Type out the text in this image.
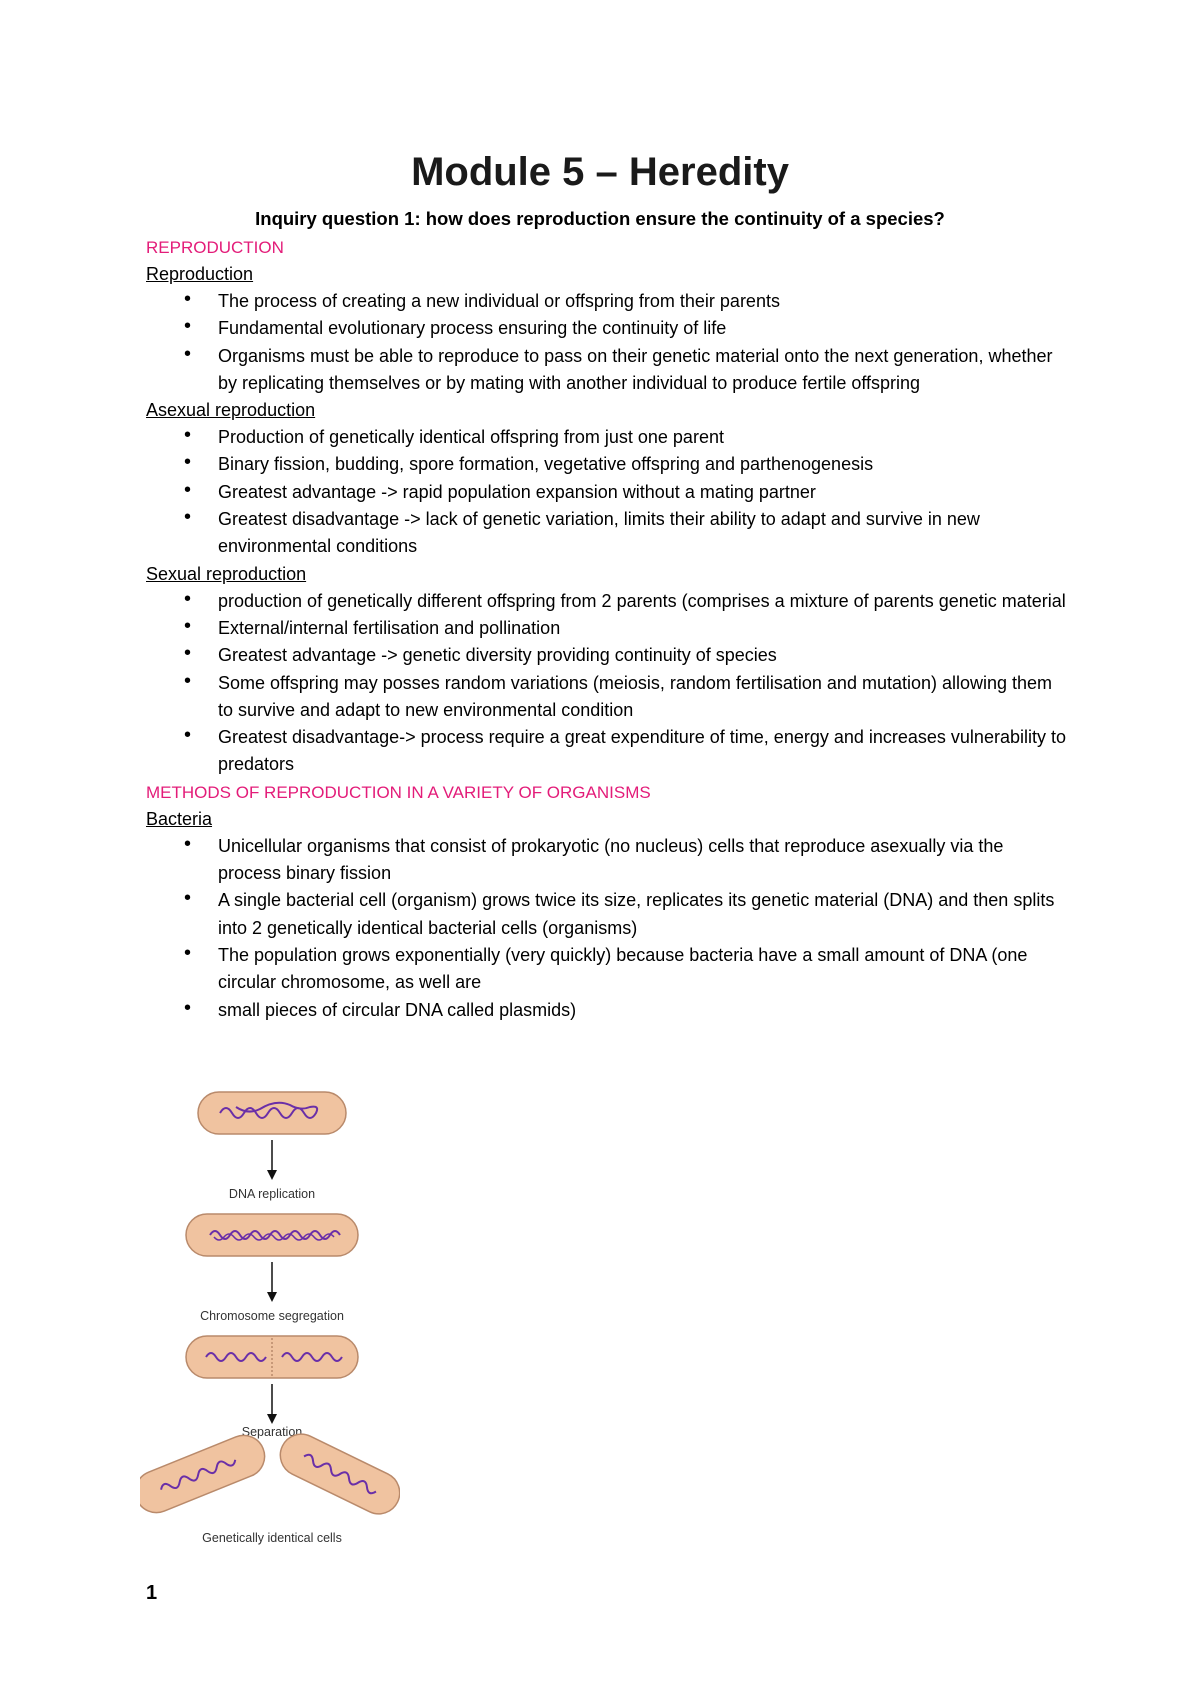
Module 5 – Heredity
Inquiry question 1: how does reproduction ensure the continuity of a species?
REPRODUCTION
Reproduction
• The process of creating a new individual or offspring from their parents
• Fundamental evolutionary process ensuring the continuity of life
• Organisms must be able to reproduce to pass on their genetic material onto the next generation, whether by replicating themselves or by mating with another individual to produce fertile offspring
Asexual reproduction
• Production of genetically identical offspring from just one parent
• Binary fission, budding, spore formation, vegetative offspring and parthenogenesis
• Greatest advantage -> rapid population expansion without a mating partner
• Greatest disadvantage -> lack of genetic variation, limits their ability to adapt and survive in new environmental conditions
Sexual reproduction
• production of genetically different offspring from 2 parents (comprises a mixture of parents genetic material
• External/internal fertilisation and pollination
• Greatest advantage -> genetic diversity providing continuity of species
• Some offspring may posses random variations (meiosis, random fertilisation and mutation) allowing them to survive and adapt to new environmental condition
• Greatest disadvantage-> process require a great expenditure of time, energy and increases vulnerability to predators
METHODS OF REPRODUCTION IN A VARIETY OF ORGANISMS
Bacteria
• Unicellular organisms that consist of prokaryotic (no nucleus) cells that reproduce asexually via the process binary fission
• A single bacterial cell (organism) grows twice its size, replicates its genetic material (DNA) and then splits into 2 genetically identical bacterial cells (organisms)
• The population grows exponentially (very quickly) because bacteria have a small amount of DNA (one circular chromosome, as well are
• small pieces of circular DNA called plasmids)
DNA replication
Chromosome segregation
Separation
Genetically identical cells
1
